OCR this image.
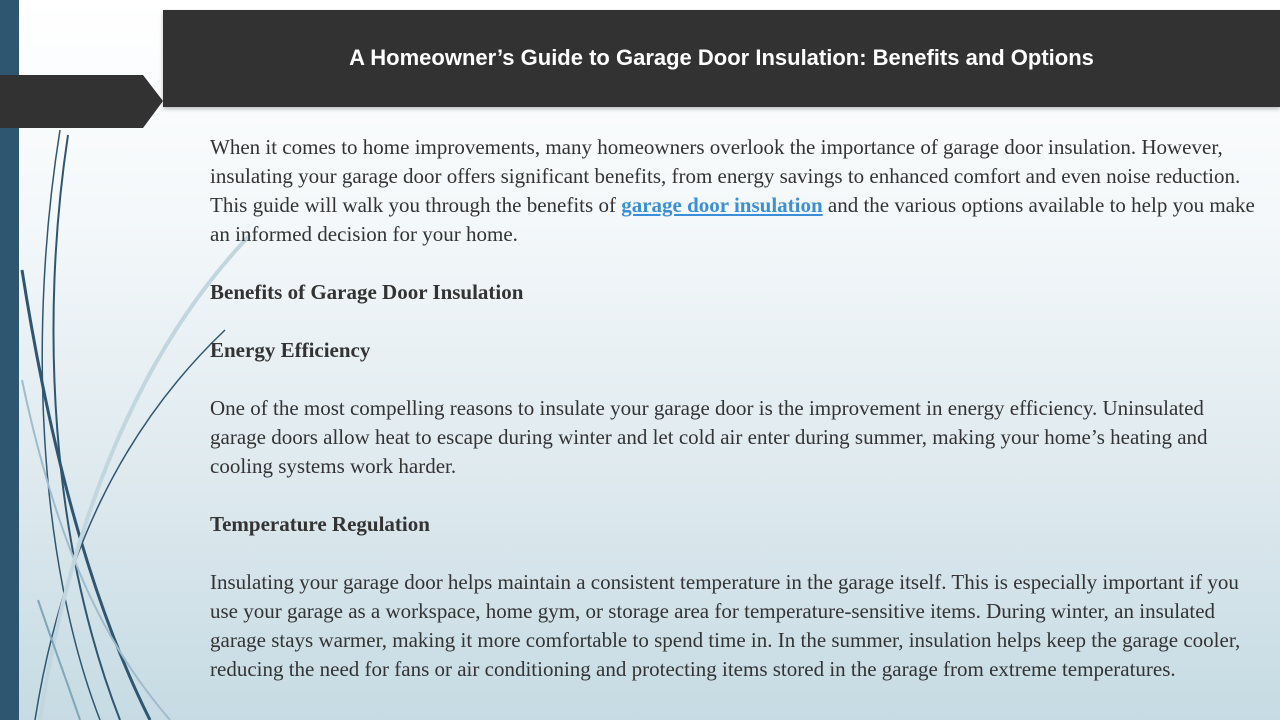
A Homeowner’s Guide to Garage Door Insulation: Benefits and Options

When it comes to home improvements, many homeowners overlook the importance of garage door insulation. However, insulating your garage door offers significant benefits, from energy savings to enhanced comfort and even noise reduction. This guide will walk you through the benefits of garage door insulation and the various options available to help you make an informed decision for your home.

Benefits of Garage Door Insulation
Energy Efficiency

One of the most compelling reasons to insulate your garage door is the improvement in energy efficiency. Uninsulated garage doors allow heat to escape during winter and let cold air enter during summer, making your home’s heating and cooling systems work harder.

Temperature Regulation

Insulating your garage door helps maintain a consistent temperature in the garage itself. This is especially important if you use your garage as a workspace, home gym, or storage area for temperature-sensitive items. During winter, an insulated garage stays warmer, making it more comfortable to spend time in. In the summer, insulation helps keep the garage cooler, reducing the need for fans or air conditioning and protecting items stored in the garage from extreme temperatures.
